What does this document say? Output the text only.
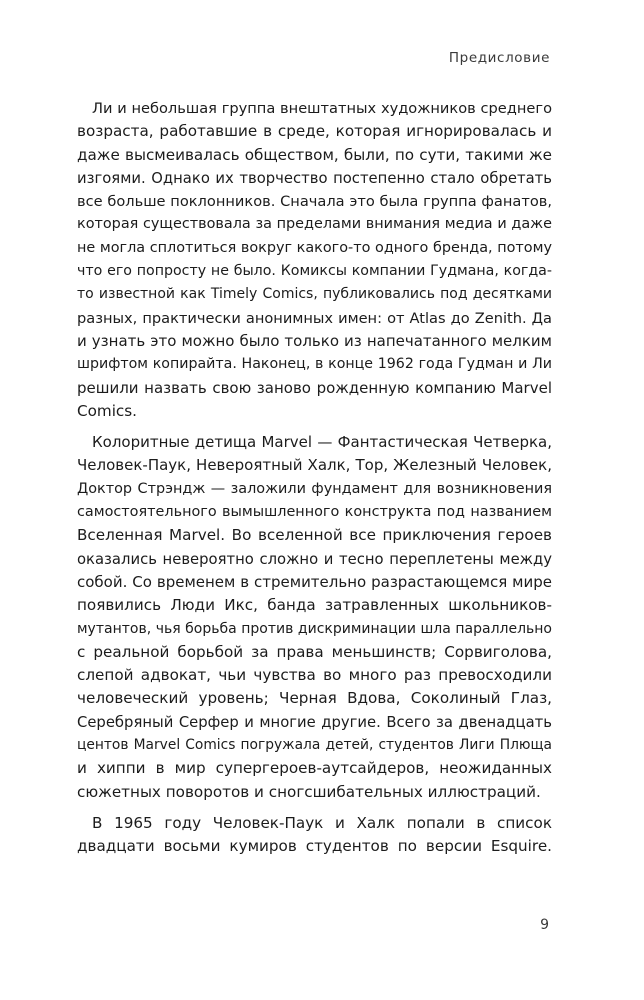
Предисловие

Ли и небольшая группа внештатных художников среднего
возраста, работавшие в среде, которая игнорировалась и
даже высмеивалась обществом, были, по сути, такими же
изгоями. Однако их творчество постепенно стало обретать
все больше поклонников. Сначала это была группа фанатов,
которая существовала за пределами внимания медиа и даже
не могла сплотиться вокруг какого-то одного бренда, потому
что его попросту не было. Комиксы компании Гудмана, когда-
то известной как Timely Comics, публиковались под десятками
разных, практически анонимных имен: от Atlas до Zenith. Да
и узнать это можно было только из напечатанного мелким
шрифтом копирайта. Наконец, в конце 1962 года Гудман и Ли
решили назвать свою заново рожденную компанию Marvel
Comics.

Колоритные детища Marvel — Фантастическая Четверка,
Человек-Паук, Невероятный Халк, Тор, Железный Человек,
Доктор Стрэндж — заложили фундамент для возникновения
самостоятельного вымышленного конструкта под названием
Вселенная Marvel. Во вселенной все приключения героев
оказались невероятно сложно и тесно переплетены между
собой. Со временем в стремительно разрастающемся мире
появились Люди Икс, банда затравленных школьников-
мутантов, чья борьба против дискриминации шла параллельно
с реальной борьбой за права меньшинств; Сорвиголова,
слепой адвокат, чьи чувства во много раз превосходили
человеческий уровень; Черная Вдова, Соколиный Глаз,
Серебряный Серфер и многие другие. Всего за двенадцать
центов Marvel Comics погружала детей, студентов Лиги Плюща
и хиппи в мир супергероев-аутсайдеров, неожиданных
сюжетных поворотов и сногсшибательных иллюстраций.

В 1965 году Человек-Паук и Халк попали в список
двадцати восьми кумиров студентов по версии Esquire.

9
